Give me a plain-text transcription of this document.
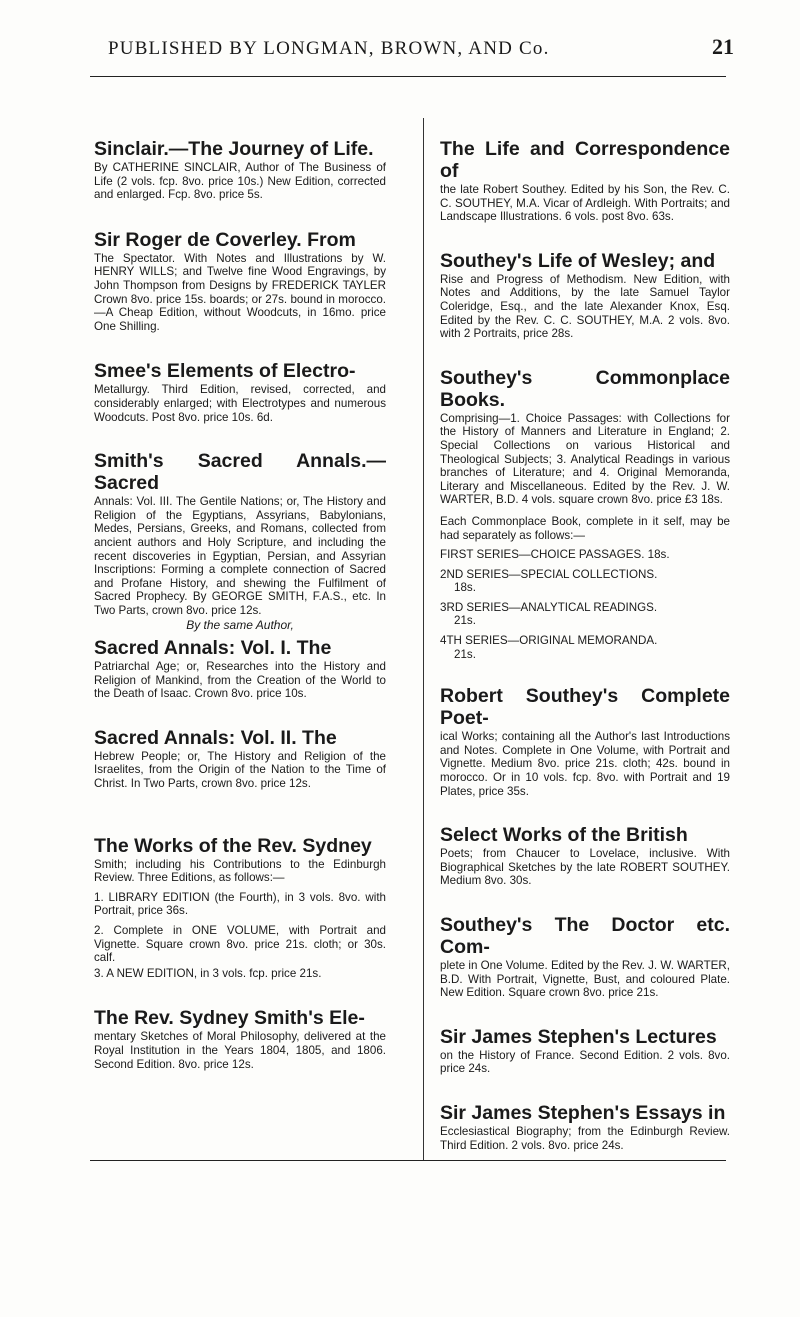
PUBLISHED BY LONGMAN, BROWN, AND Co.	21

Sinclair.—The Journey of Life.

By CATHERINE SINCLAIR, Author of The Business of Life (2 vols. fcp. 8vo. price 10s.) New Edition, corrected and enlarged. Fcp. 8vo. price 5s.

Sir Roger de Coverley. From

The Spectator. With Notes and Illustrations by W. HENRY WILLS; and Twelve fine Wood Engravings, by John Thompson from Designs by FREDERICK TAYLER Crown 8vo. price 15s. boards; or 27s. bound in morocco.—A Cheap Edition, without Woodcuts, in 16mo. price One Shilling.

Smee's Elements of Electro-

Metallurgy. Third Edition, revised, corrected, and considerably enlarged; with Electrotypes and numerous Woodcuts. Post 8vo. price 10s. 6d.

Smith's Sacred Annals.—Sacred

Annals: Vol. III. The Gentile Nations; or, The History and Religion of the Egyptians, Assyrians, Babylonians, Medes, Persians, Greeks, and Romans, collected from ancient authors and Holy Scripture, and including the recent discoveries in Egyptian, Persian, and Assyrian Inscriptions: Forming a complete connection of Sacred and Profane History, and shewing the Fulfilment of Sacred Prophecy. By GEORGE SMITH, F.A.S., etc. In Two Parts, crown 8vo. price 12s.

By the same Author,

Sacred Annals: Vol. I. The

Patriarchal Age; or, Researches into the History and Religion of Mankind, from the Creation of the World to the Death of Isaac. Crown 8vo. price 10s.

Sacred Annals: Vol. II. The

Hebrew People; or, The History and Religion of the Israelites, from the Origin of the Nation to the Time of Christ. In Two Parts, crown 8vo. price 12s.

The Works of the Rev. Sydney

Smith; including his Contributions to the Edinburgh Review. Three Editions, as follows:—

1. LIBRARY EDITION (the Fourth), in 3 vols. 8vo. with Portrait, price 36s.

2. Complete in ONE VOLUME, with Portrait and Vignette. Square crown 8vo. price 21s. cloth; or 30s. calf.

3. A NEW EDITION, in 3 vols. fcp. price 21s.

The Rev. Sydney Smith's Ele-

mentary Sketches of Moral Philosophy, delivered at the Royal Institution in the Years 1804, 1805, and 1806. Second Edition. 8vo. price 12s.

The Life and Correspondence of

the late Robert Southey. Edited by his Son, the Rev. C. C. SOUTHEY, M.A. Vicar of Ardleigh. With Portraits; and Landscape Illustrations. 6 vols. post 8vo. 63s.

Southey's Life of Wesley; and

Rise and Progress of Methodism. New Edition, with Notes and Additions, by the late Samuel Taylor Coleridge, Esq., and the late Alexander Knox, Esq. Edited by the Rev. C. C. SOUTHEY, M.A. 2 vols. 8vo. with 2 Portraits, price 28s.

Southey's Commonplace Books.

Comprising—1. Choice Passages: with Collections for the History of Manners and Literature in England; 2. Special Collections on various Historical and Theological Subjects; 3. Analytical Readings in various branches of Literature; and 4. Original Memoranda, Literary and Miscellaneous. Edited by the Rev. J. W. WARTER, B.D. 4 vols. square crown 8vo. price £3 18s.

Each Commonplace Book, complete in it self, may be had separately as follows:—

FIRST SERIES—CHOICE PASSAGES. 18s.

2ND SERIES—SPECIAL COLLECTIONS.
18s.

3RD SERIES—ANALYTICAL READINGS.
21s.

4TH SERIES—ORIGINAL MEMORANDA.
21s.

Robert Southey's Complete Poet-

ical Works; containing all the Author's last Introductions and Notes. Complete in One Volume, with Portrait and Vignette. Medium 8vo. price 21s. cloth; 42s. bound in morocco. Or in 10 vols. fcp. 8vo. with Portrait and 19 Plates, price 35s.

Select Works of the British

Poets; from Chaucer to Lovelace, inclusive. With Biographical Sketches by the late ROBERT SOUTHEY. Medium 8vo. 30s.

Southey's The Doctor etc. Com-

plete in One Volume. Edited by the Rev. J. W. WARTER, B.D. With Portrait, Vignette, Bust, and coloured Plate. New Edition. Square crown 8vo. price 21s.

Sir James Stephen's Lectures

on the History of France. Second Edition. 2 vols. 8vo. price 24s.

Sir James Stephen's Essays in

Ecclesiastical Biography; from the Edinburgh Review. Third Edition. 2 vols. 8vo. price 24s.
